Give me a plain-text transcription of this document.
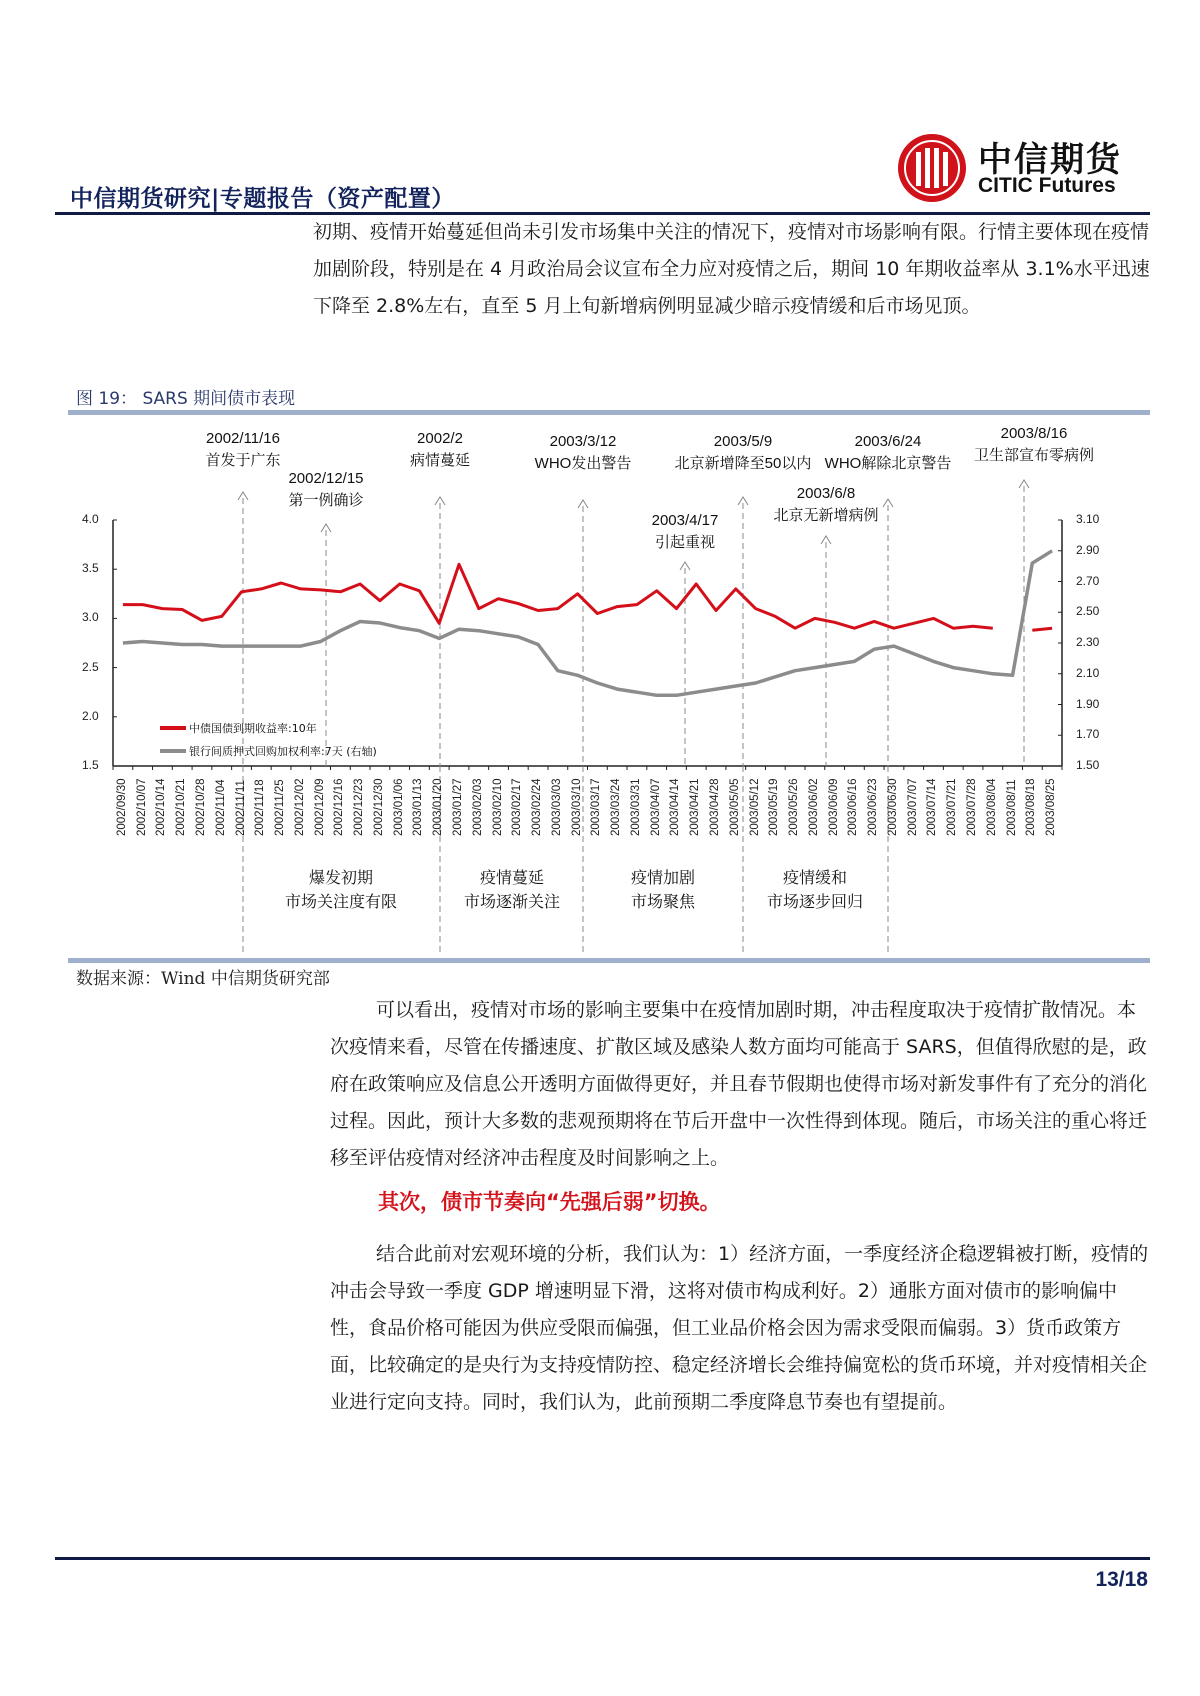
中信期货研究|专题报告（资产配置）
中信期货
CITIC Futures
初期、疫情开始蔓延但尚未引发市场集中关注的情况下，疫情对市场影响有限。行情主要体现在疫情加剧阶段，特别是在 4 月政治局会议宣布全力应对疫情之后，期间 10 年期收益率从 3.1%水平迅速下降至 2.8%左右，直至 5 月上旬新增病例明显减少暗示疫情缓和后市场见顶。
图 19： SARS 期间债市表现
2002/11/16
首发于广东
2002/12/15
第一例确诊
2002/2
病情蔓延
2003/3/12
WHO发出警告
2003/4/17
引起重视
2003/5/9
北京新增降至50以内
2003/6/8
北京无新增病例
2003/6/24
WHO解除北京警告
2003/8/16
卫生部宣布零病例
爆发初期
市场关注度有限
疫情蔓延
市场逐渐关注
疫情加剧
市场聚焦
疫情缓和
市场逐步回归
4.0
3.5
3.0
2.5
2.0
1.5
3.10
2.90
2.70
2.50
2.30
2.10
1.90
1.70
1.50
2002/09/30 2002/10/07 2002/10/14 2002/10/21 2002/10/28 2002/11/04 2002/11/11 2002/11/18 2002/11/25 2002/12/02 2002/12/09 2002/12/16 2002/12/23 2002/12/30 2003/01/06 2003/01/13 2003/01/20 2003/01/27 2003/02/03 2003/02/10 2003/02/17 2003/02/24 2003/03/03 2003/03/10 2003/03/17 2003/03/24 2003/03/31 2003/04/07 2003/04/14 2003/04/21 2003/04/28 2003/05/05 2003/05/12 2003/05/19 2003/05/26 2003/06/02 2003/06/09 2003/06/16 2003/06/23 2003/06/30 2003/07/07 2003/07/14 2003/07/21 2003/07/28 2003/08/04 2003/08/11 2003/08/18 2003/08/25
中债国债到期收益率:10年
银行间质押式回购加权利率:7天 (右轴)
数据来源：Wind 中信期货研究部
可以看出，疫情对市场的影响主要集中在疫情加剧时期，冲击程度取决于疫情扩散情况。本次疫情来看，尽管在传播速度、扩散区域及感染人数方面均可能高于 SARS，但值得欣慰的是，政府在政策响应及信息公开透明方面做得更好，并且春节假期也使得市场对新发事件有了充分的消化过程。因此，预计大多数的悲观预期将在节后开盘中一次性得到体现。随后，市场关注的重心将迁移至评估疫情对经济冲击程度及时间影响之上。
其次，债市节奏向“先强后弱”切换。
结合此前对宏观环境的分析，我们认为：1）经济方面，一季度经济企稳逻辑被打断，疫情的冲击会导致一季度 GDP 增速明显下滑，这将对债市构成利好。2）通胀方面对债市的影响偏中性，食品价格可能因为供应受限而偏强，但工业品价格会因为需求受限而偏弱。3）货币政策方面，比较确定的是央行为支持疫情防控、稳定经济增长会维持偏宽松的货币环境，并对疫情相关企业进行定向支持。同时，我们认为，此前预期二季度降息节奏也有望提前。
13/18
